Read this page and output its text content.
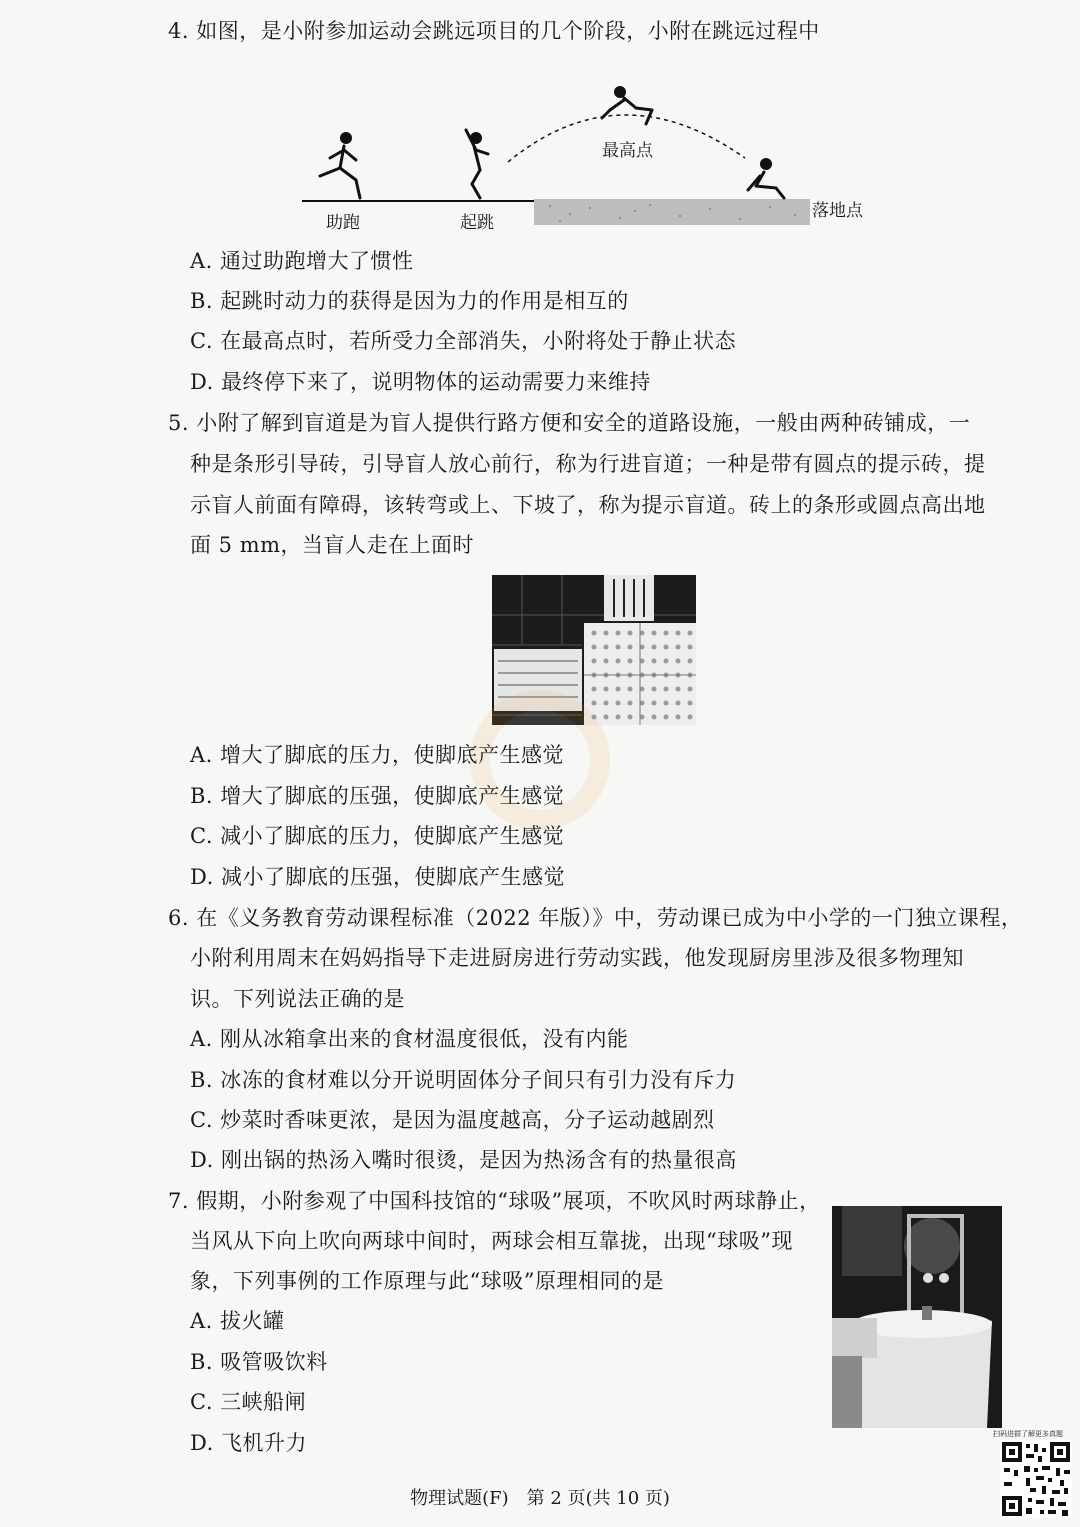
4. 如图，是小附参加运动会跳远项目的几个阶段，小附在跳远过程中
助跑	起跳
最高点
落地点
A. 通过助跑增大了惯性
B. 起跳时动力的获得是因为力的作用是相互的
C. 在最高点时，若所受力全部消失，小附将处于静止状态
D. 最终停下来了，说明物体的运动需要力来维持
5. 小附了解到盲道是为盲人提供行路方便和安全的道路设施，一般由两种砖铺成，一
种是条形引导砖，引导盲人放心前行，称为行进盲道；一种是带有圆点的提示砖，提
示盲人前面有障碍，该转弯或上、下坡了，称为提示盲道。砖上的条形或圆点高出地
面 5 mm，当盲人走在上面时
A. 增大了脚底的压力，使脚底产生感觉
B. 增大了脚底的压强，使脚底产生感觉
C. 减小了脚底的压力，使脚底产生感觉
D. 减小了脚底的压强，使脚底产生感觉
6. 在《义务教育劳动课程标准（2022 年版）》中，劳动课已成为中小学的一门独立课程，
小附利用周末在妈妈指导下走进厨房进行劳动实践，他发现厨房里涉及很多物理知
识。下列说法正确的是
A. 刚从冰箱拿出来的食材温度很低，没有内能
B. 冰冻的食材难以分开说明固体分子间只有引力没有斥力
C. 炒菜时香味更浓，是因为温度越高，分子运动越剧烈
D. 刚出锅的热汤入嘴时很烫，是因为热汤含有的热量很高
7. 假期，小附参观了中国科技馆的“球吸”展项，不吹风时两球静止，
当风从下向上吹向两球中间时，两球会相互靠拢，出现“球吸”现
象，下列事例的工作原理与此“球吸”原理相同的是
A. 拔火罐
B. 吸管吸饮料
C. 三峡船闸
D. 飞机升力
物理试题(F)　第 2 页(共 10 页)
扫码进群了解更多真题
